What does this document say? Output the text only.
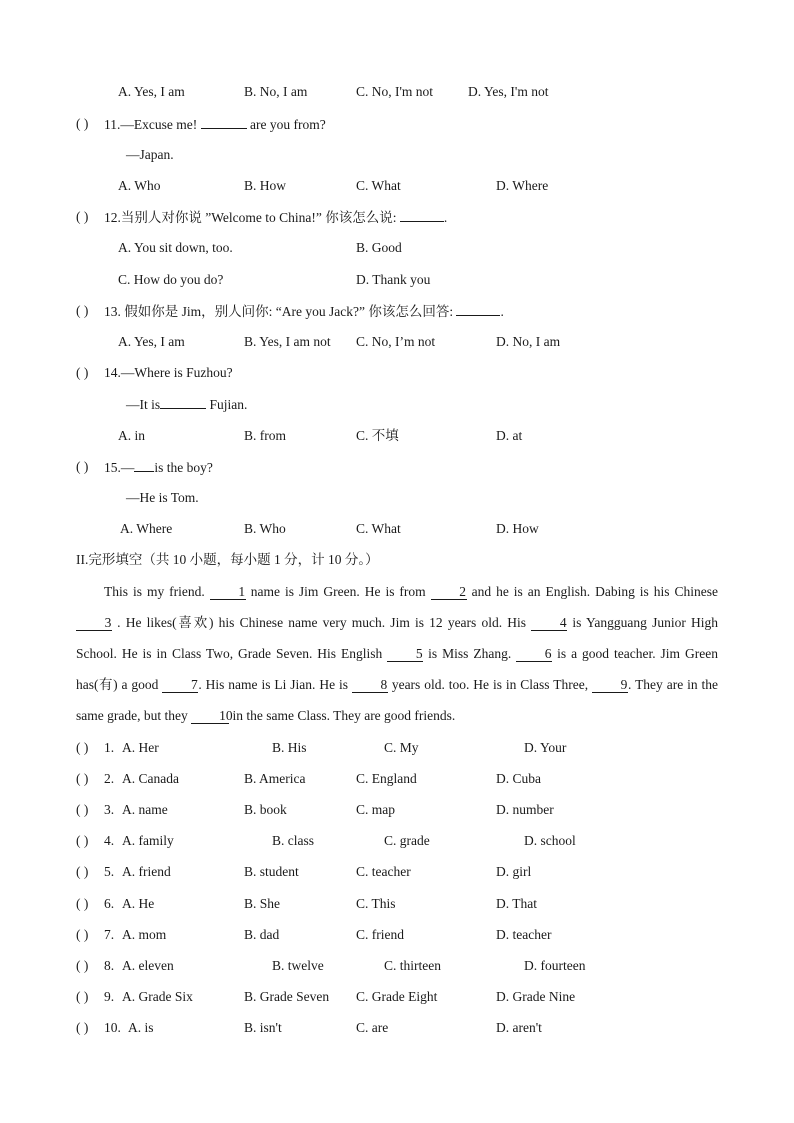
A. Yes, I am	B. No, I am	C. No, I'm not	D. Yes, I'm not
( ) 11.—Excuse me!	are you from?
—Japan.
A. Who	B. How	C. What	D. Where
( ) 12.当别人对你说 ”Welcome to China!” 你该怎么说:	.
A. You sit down, too.	B. Good
C. How do you do?	D. Thank you
( ) 13. 假如你是 Jim，别人问你: “Are you Jack?” 你该怎么回答:	.
A. Yes, I am	B. Yes, I am not C. No, I’m not	D. No, I am
( ) 14.—Where is Fuzhou?
—It is	Fujian.
A. in	B. from	C. 不填	D. at
( ) 15.— is the boy?
—He is Tom.
A. Where	B. Who	C. What	D. How
II.完形填空（共 10 小题，每小题 1 分，计 10 分。）
This is my friend. 1 name is Jim Green. He is from 2 and he is an English. Dabing is his Chinese 3 . He likes(喜欢) his Chinese name very much. Jim is 12 years old. His 4 is Yangguang Junior High School. He is in Class Two, Grade Seven. His English 5 is Miss Zhang. 6 is a good teacher. Jim Green has(有) a good 7. His name is Li Jian. He is 8 years old. too. He is in Class Three, 9. They are in the same grade, but they 10 in the same Class. They are good friends.
( ) 1. A. Her	B. His	C. My	D. Your
( ) 2. A. Canada	B. America	C. England	D. Cuba
( ) 3. A. name	B. book	C. map	D. number
( ) 4. A. family	B. class	C. grade	D. school
( ) 5. A. friend	B. student	C. teacher	D. girl
( ) 6. A. He	B. She	C. This	D. That
( ) 7. A. mom	B. dad	C. friend	D. teacher
( ) 8. A. eleven	B. twelve	C. thirteen	D. fourteen
( ) 9. A. Grade Six	B. Grade Seven C. Grade Eight	D. Grade Nine
( ) 10. A. is	B. isn't	C. are	D. aren't
